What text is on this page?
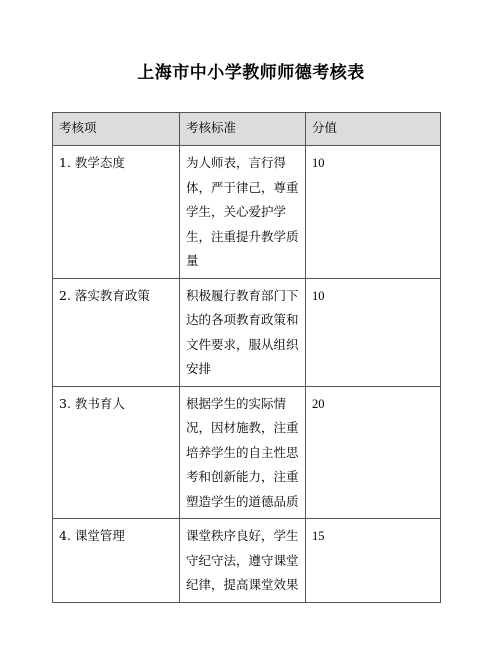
上海市中小学教师师德考核表
考核项	考核标准	分值
1. 教学态度	为人师表，言行得体，严于律己，尊重学生，关心爱护学生，注重提升教学质量	10
2. 落实教育政策	积极履行教育部门下达的各项教育政策和文件要求，服从组织安排	10
3. 教书育人	根据学生的实际情况，因材施教，注重培养学生的自主性思考和创新能力，注重塑造学生的道德品质	20
4. 课堂管理	课堂秩序良好，学生守纪守法，遵守课堂纪律，提高课堂效果	15
